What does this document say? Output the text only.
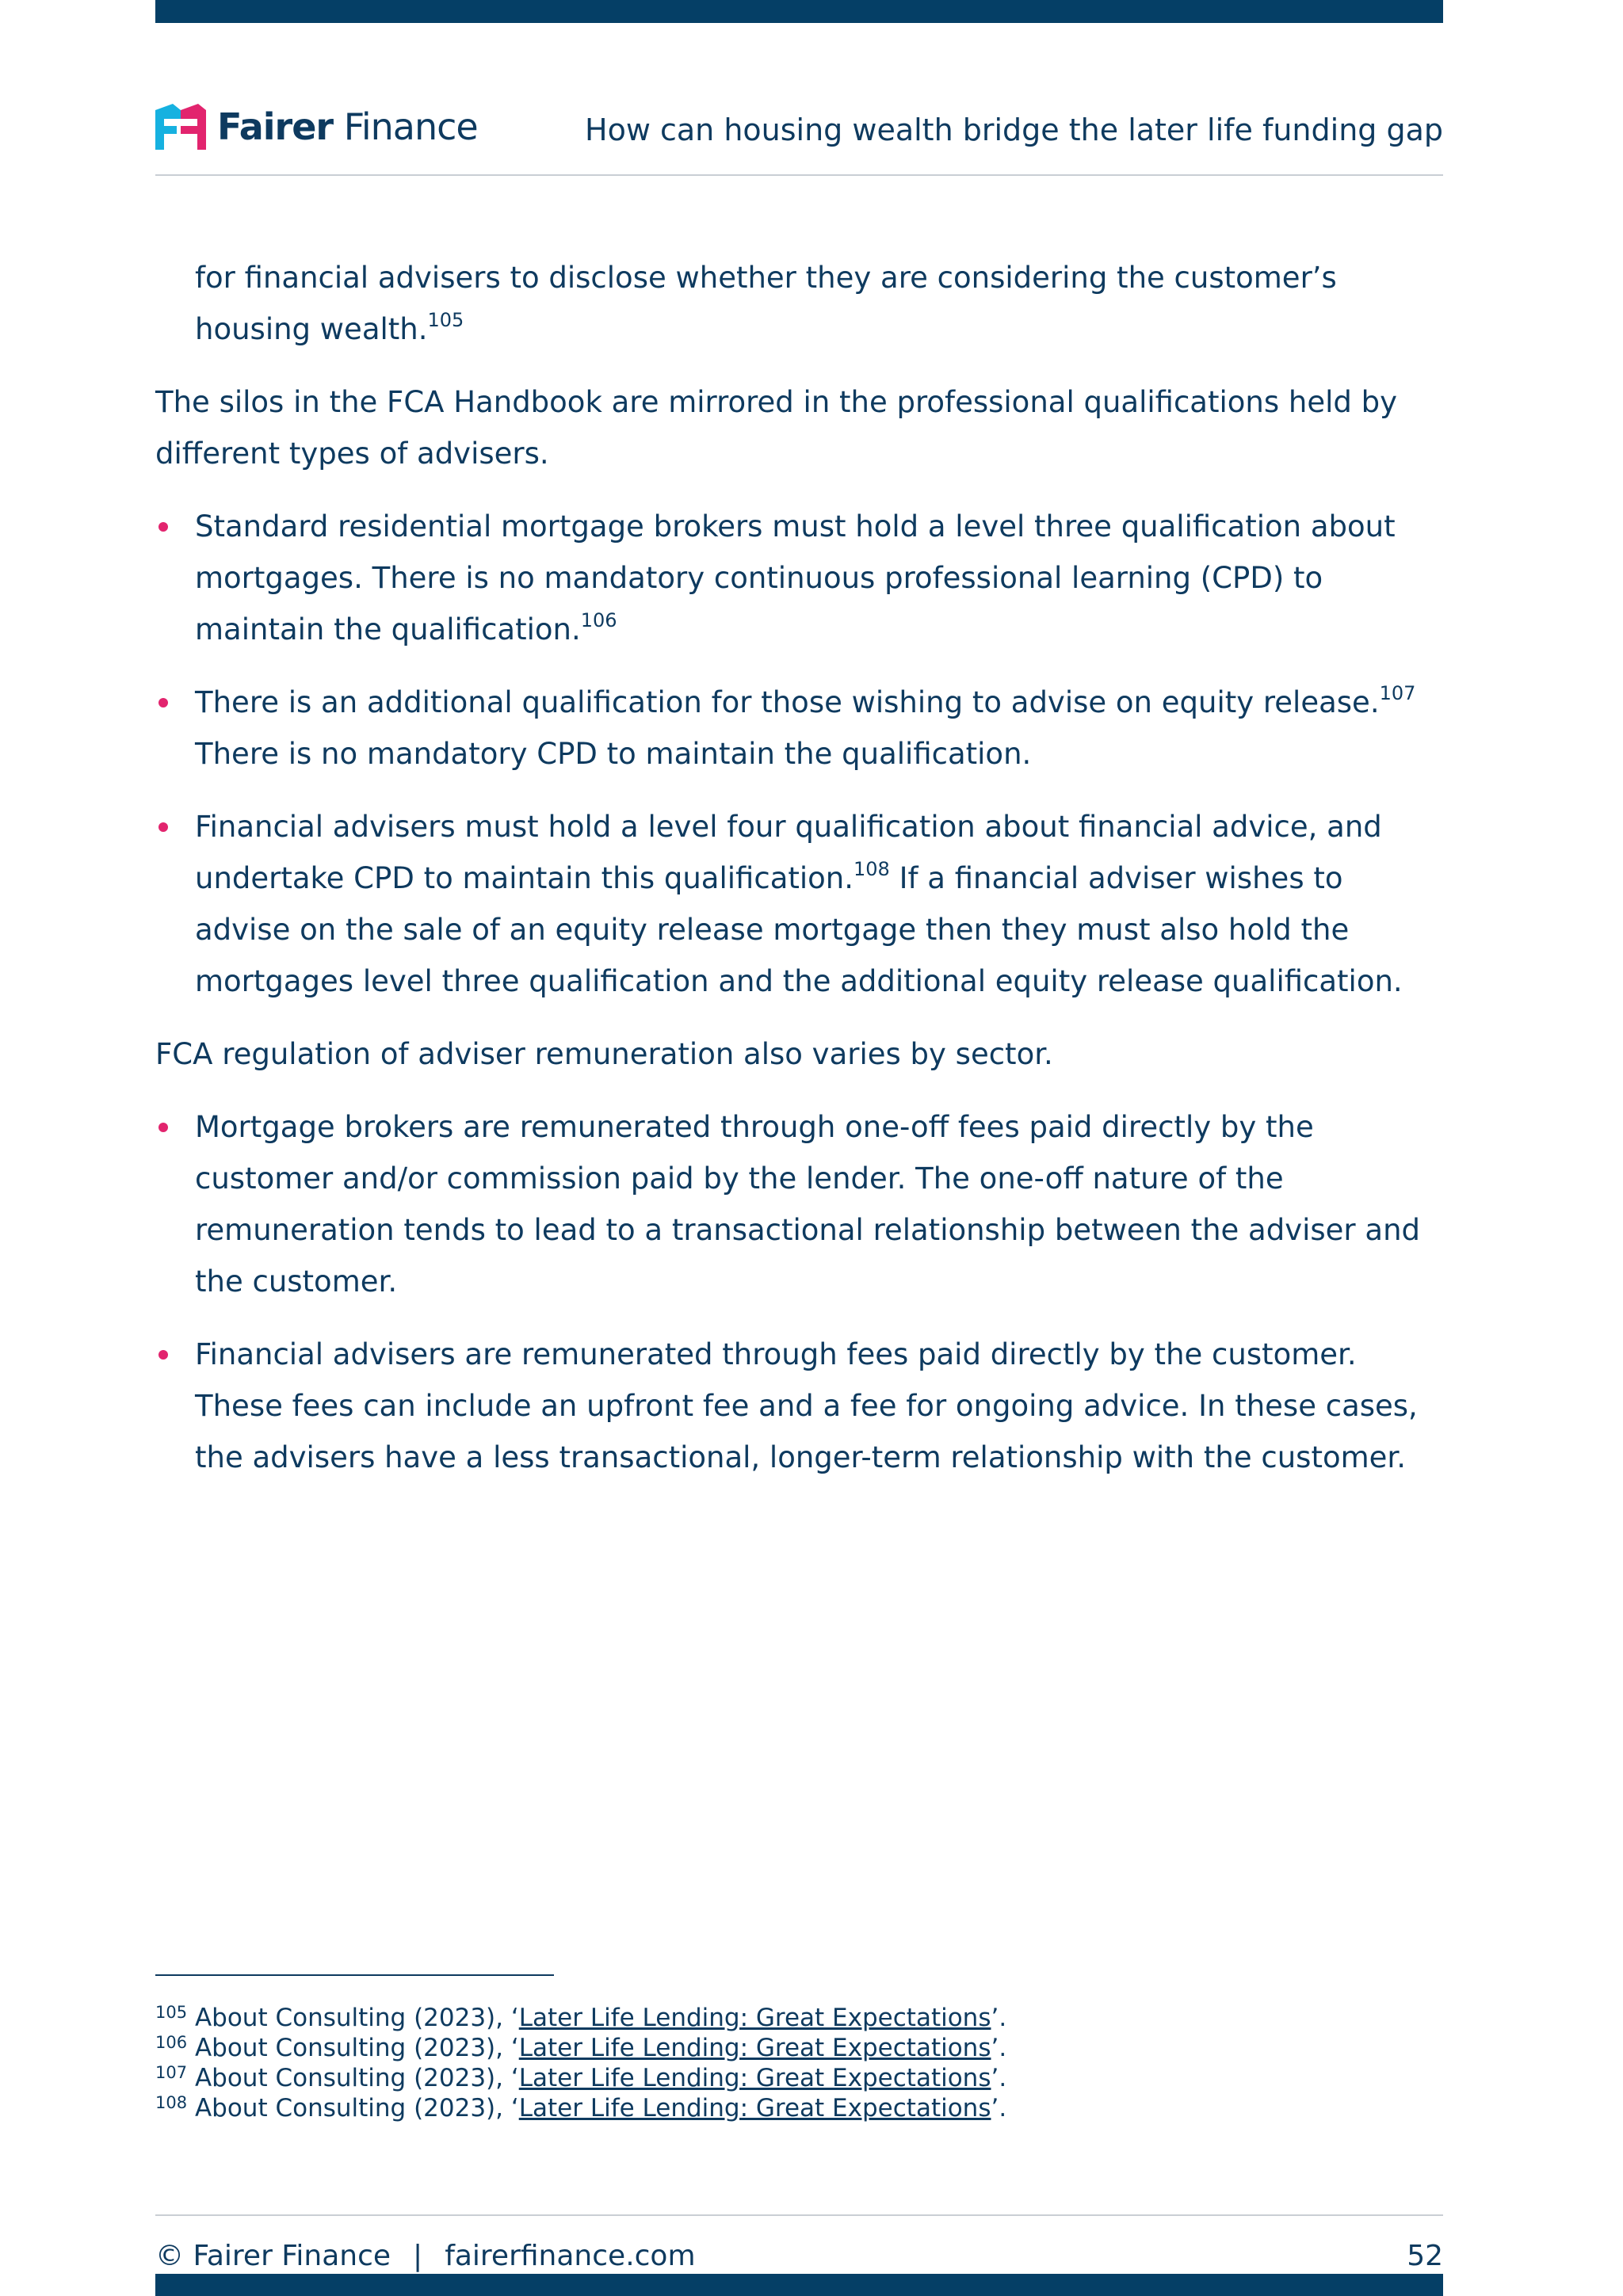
Fairer Finance	How can housing wealth bridge the later life funding gap

for financial advisers to disclose whether they are considering the customer’s housing wealth.$^{105}$

The silos in the FCA Handbook are mirrored in the professional qualifications held by different types of advisers.

Standard residential mortgage brokers must hold a level three qualification about mortgages. There is no mandatory continuous professional learning (CPD) to maintain the qualification.$^{106}$
There is an additional qualification for those wishing to advise on equity release.$^{107}$ There is no mandatory CPD to maintain the qualification.
Financial advisers must hold a level four qualification about financial advice, and undertake CPD to maintain this qualification.$^{108}$ If a financial adviser wishes to advise on the sale of an equity release mortgage then they must also hold the mortgages level three qualification and the additional equity release qualification.

FCA regulation of adviser remuneration also varies by sector.

Mortgage brokers are remunerated through one-off fees paid directly by the customer and/or commission paid by the lender. The one-off nature of the remuneration tends to lead to a transactional relationship between the adviser and the customer.
Financial advisers are remunerated through fees paid directly by the customer. These fees can include an upfront fee and a fee for ongoing advice. In these cases, the advisers have a less transactional, longer-term relationship with the customer.
$^{105}$ About Consulting (2023), ‘Later Life Lending: Great Expectations’.
$^{106}$ About Consulting (2023), ‘Later Life Lending: Great Expectations’.
$^{107}$ About Consulting (2023), ‘Later Life Lending: Great Expectations’.
$^{108}$ About Consulting (2023), ‘Later Life Lending: Great Expectations’.
© Fairer Finance | fairerfinance.com	52
